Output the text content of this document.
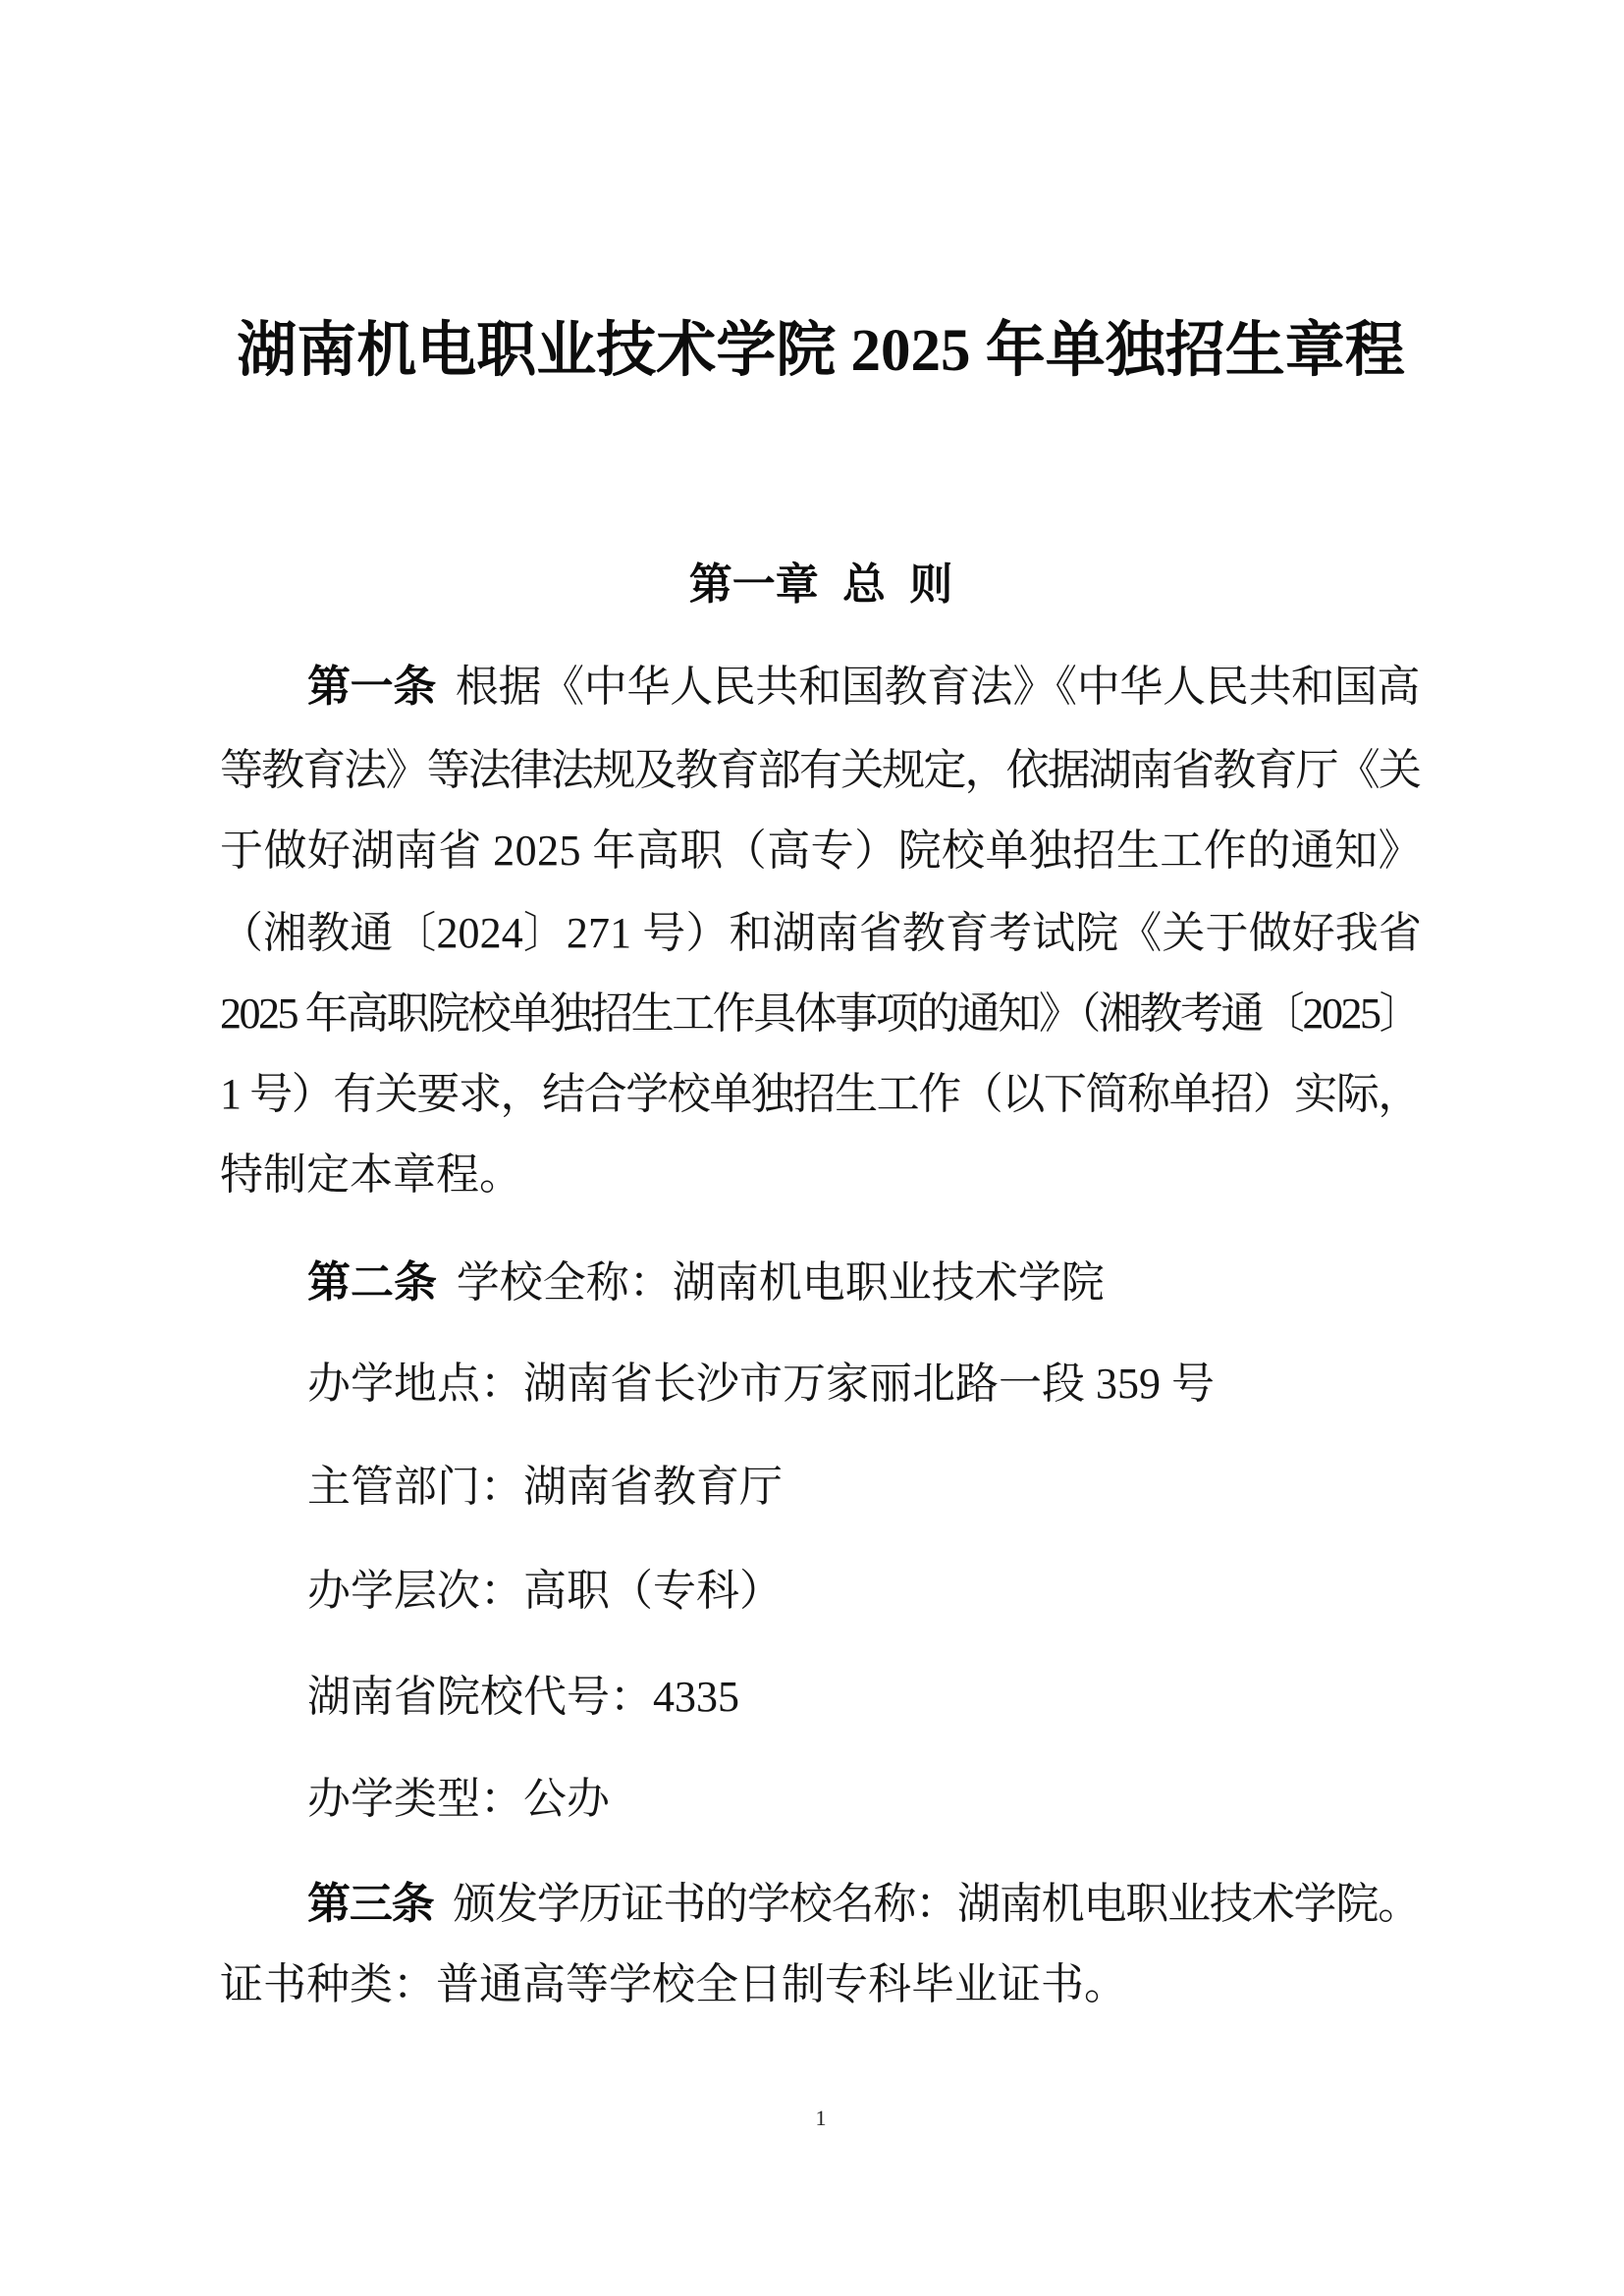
湖南机电职业技术学院 2025 年单独招生章程
第一章 总 则
第一条 根据《中华人民共和国教育法》《中华人民共和国高
等教育法》等法律法规及教育部有关规定，依据湖南省教育厅《关
于做好湖南省 2025 年高职（高专）院校单独招生工作的通知》
（湘教通〔2024〕271 号）和湖南省教育考试院《关于做好我省
2025 年高职院校单独招生工作具体事项的通知》（湘教考通〔2025〕
1 号）有关要求，结合学校单独招生工作（以下简称单招）实际，
特制定本章程。
第二条 学校全称：湖南机电职业技术学院
办学地点：湖南省长沙市万家丽北路一段 359 号
主管部门：湖南省教育厅
办学层次：高职（专科）
湖南省院校代号：4335
办学类型：公办
第三条 颁发学历证书的学校名称：湖南机电职业技术学院。
证书种类：普通高等学校全日制专科毕业证书。
1
